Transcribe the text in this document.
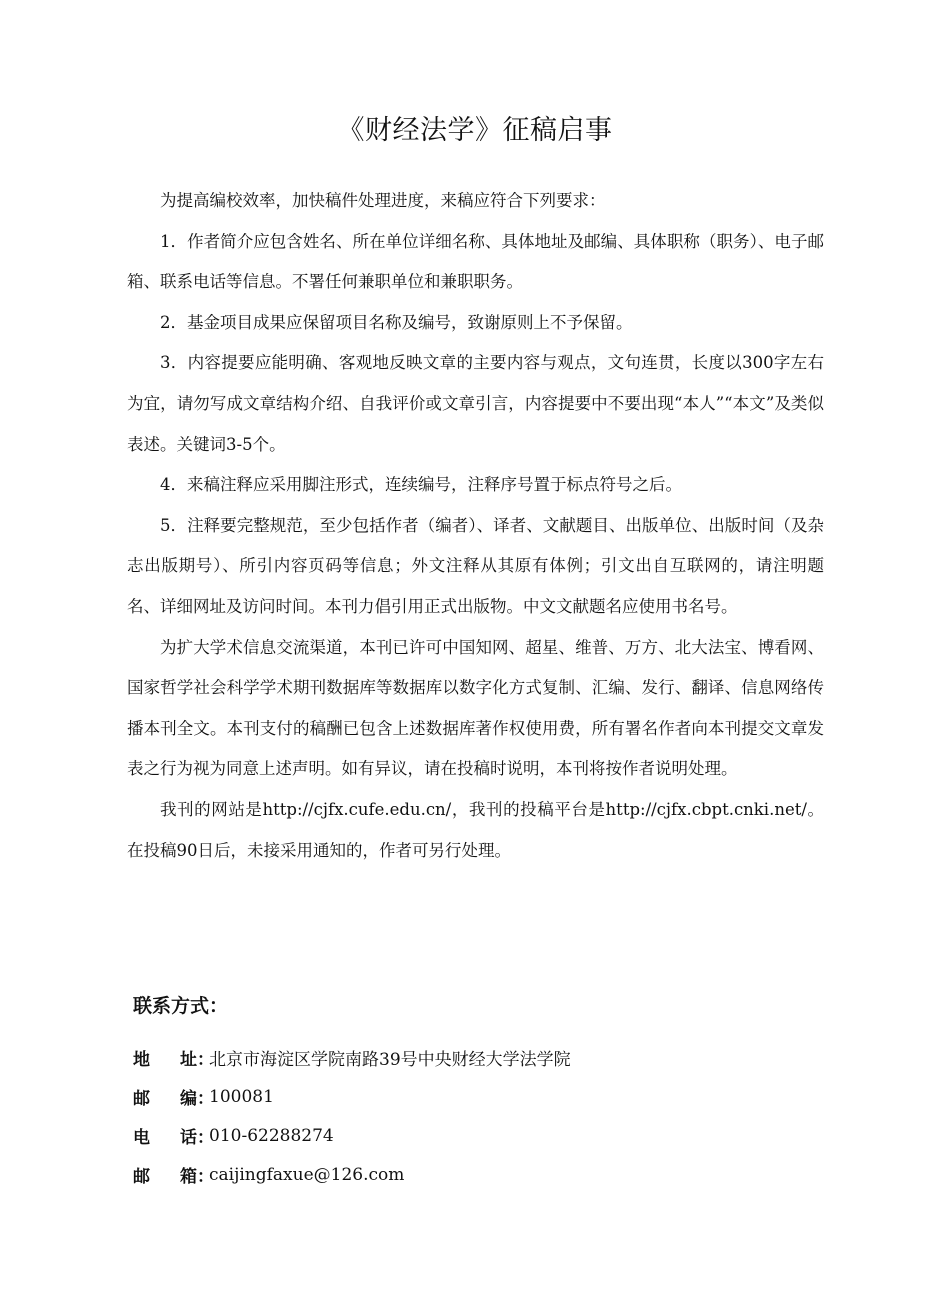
《财经法学》征稿启事

为提高编校效率，加快稿件处理进度，来稿应符合下列要求：

1．作者简介应包含姓名、所在单位详细名称、具体地址及邮编、具体职称（职务）、电子邮箱、联系电话等信息。不署任何兼职单位和兼职职务。

2．基金项目成果应保留项目名称及编号，致谢原则上不予保留。

3．内容提要应能明确、客观地反映文章的主要内容与观点，文句连贯，长度以300字左右为宜，请勿写成文章结构介绍、自我评价或文章引言，内容提要中不要出现“本人”“本文”及类似表述。关键词3-5个。

4．来稿注释应采用脚注形式，连续编号，注释序号置于标点符号之后。

5．注释要完整规范，至少包括作者（编者）、译者、文献题目、出版单位、出版时间（及杂志出版期号）、所引内容页码等信息；外文注释从其原有体例；引文出自互联网的，请注明题名、详细网址及访问时间。本刊力倡引用正式出版物。中文文献题名应使用书名号。

为扩大学术信息交流渠道，本刊已许可中国知网、超星、维普、万方、北大法宝、博看网、国家哲学社会科学学术期刊数据库等数据库以数字化方式复制、汇编、发行、翻译、信息网络传播本刊全文。本刊支付的稿酬已包含上述数据库著作权使用费，所有署名作者向本刊提交文章发表之行为视为同意上述声明。如有异议，请在投稿时说明，本刊将按作者说明处理。

我刊的网站是http://cjfx.cufe.edu.cn/，我刊的投稿平台是http://cjfx.cbpt.cnki.net/。在投稿90日后，未接采用通知的，作者可另行处理。

联系方式：
地 址 ：
北京市海淀区学院南路39号中央财经大学法学院
邮 编 ：
100081
电 话 ：
010-62288274
邮 箱 ：
caijingfaxue@126.com
